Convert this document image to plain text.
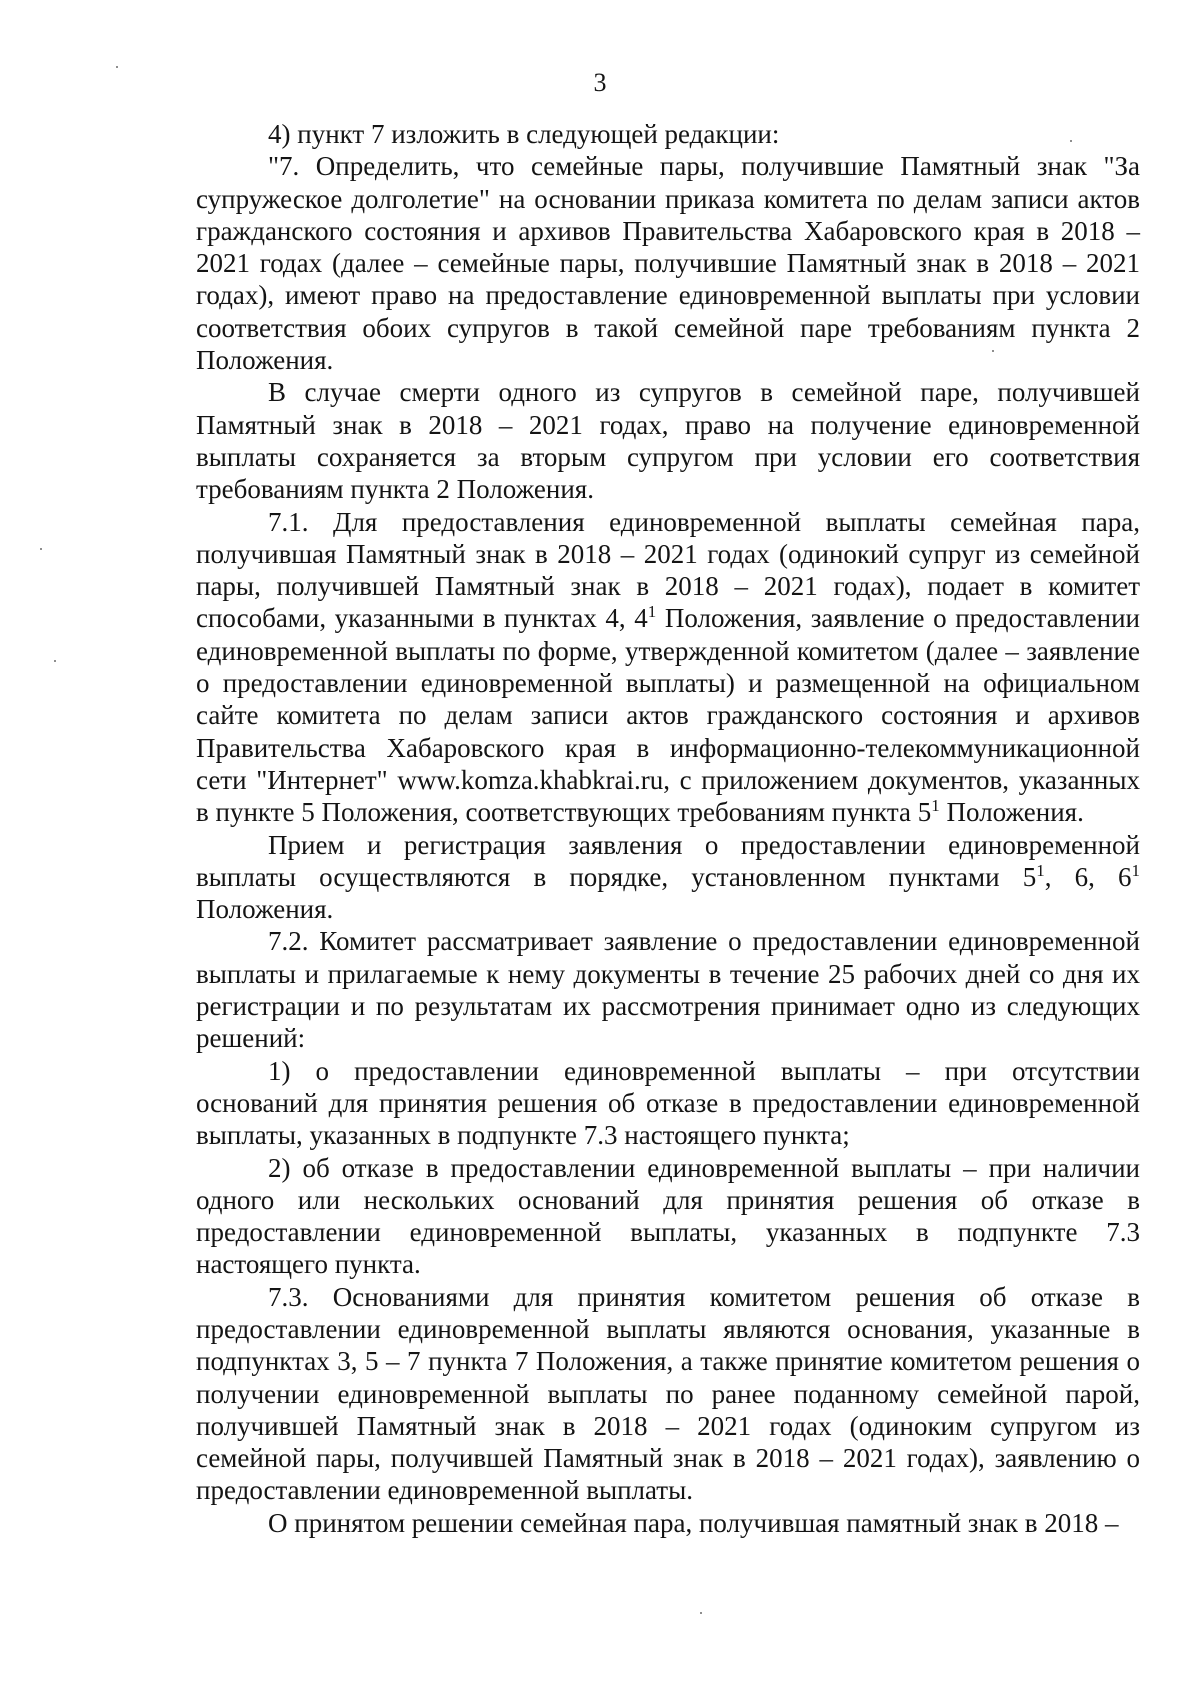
3

4) пункт 7 изложить в следующей редакции:

"7. Определить, что семейные пары, получившие Памятный знак "За супружеское долголетие" на основании приказа комитета по делам записи актов гражданского состояния и архивов Правительства Хабаровского края в 2018 – 2021 годах (далее – семейные пары, получившие Памятный знак в 2018 – 2021 годах), имеют право на предоставление единовременной выплаты при условии соответствия обоих супругов в такой семейной паре требованиям пункта 2 Положения.

В случае смерти одного из супругов в семейной паре, получившей Памятный знак в 2018 – 2021 годах, право на получение единовременной выплаты сохраняется за вторым супругом при условии его соответствия требованиям пункта 2 Положения.

7.1. Для предоставления единовременной выплаты семейная пара, получившая Памятный знак в 2018 – 2021 годах (одинокий супруг из семейной пары, получившей Памятный знак в 2018 – 2021 годах), подает в комитет способами, указанными в пунктах 4, $4^1$ Положения, заявление о предоставлении единовременной выплаты по форме, утвержденной комитетом (далее – заявление о предоставлении единовременной выплаты) и размещенной на официальном сайте комитета по делам записи актов гражданского состояния и архивов Правительства Хабаровского края в информационно-телекоммуникационной сети "Интернет" www.komza.khabkrai.ru, с приложением документов, указанных в пункте 5 Положения, соответствующих требованиям пункта $5^1$ Положения.

Прием и регистрация заявления о предоставлении единовременной выплаты осуществляются в порядке, установленном пунктами $5^1$, 6, $6^1$ Положения.

7.2. Комитет рассматривает заявление о предоставлении единовременной выплаты и прилагаемые к нему документы в течение 25 рабочих дней со дня их регистрации и по результатам их рассмотрения принимает одно из следующих решений:

1) о предоставлении единовременной выплаты – при отсутствии оснований для принятия решения об отказе в предоставлении единовременной выплаты, указанных в подпункте 7.3 настоящего пункта;

2) об отказе в предоставлении единовременной выплаты – при наличии одного или нескольких оснований для принятия решения об отказе в предоставлении единовременной выплаты, указанных в подпункте 7.3 настоящего пункта.

7.3. Основаниями для принятия комитетом решения об отказе в предоставлении единовременной выплаты являются основания, указанные в подпунктах 3, 5 – 7 пункта 7 Положения, а также принятие комитетом решения о получении единовременной выплаты по ранее поданному семейной парой, получившей Памятный знак в 2018 – 2021 годах (одиноким супругом из семейной пары, получившей Памятный знак в 2018 – 2021 годах), заявлению о предоставлении единовременной выплаты.

О принятом решении семейная пара, получившая памятный знак в 2018 –
